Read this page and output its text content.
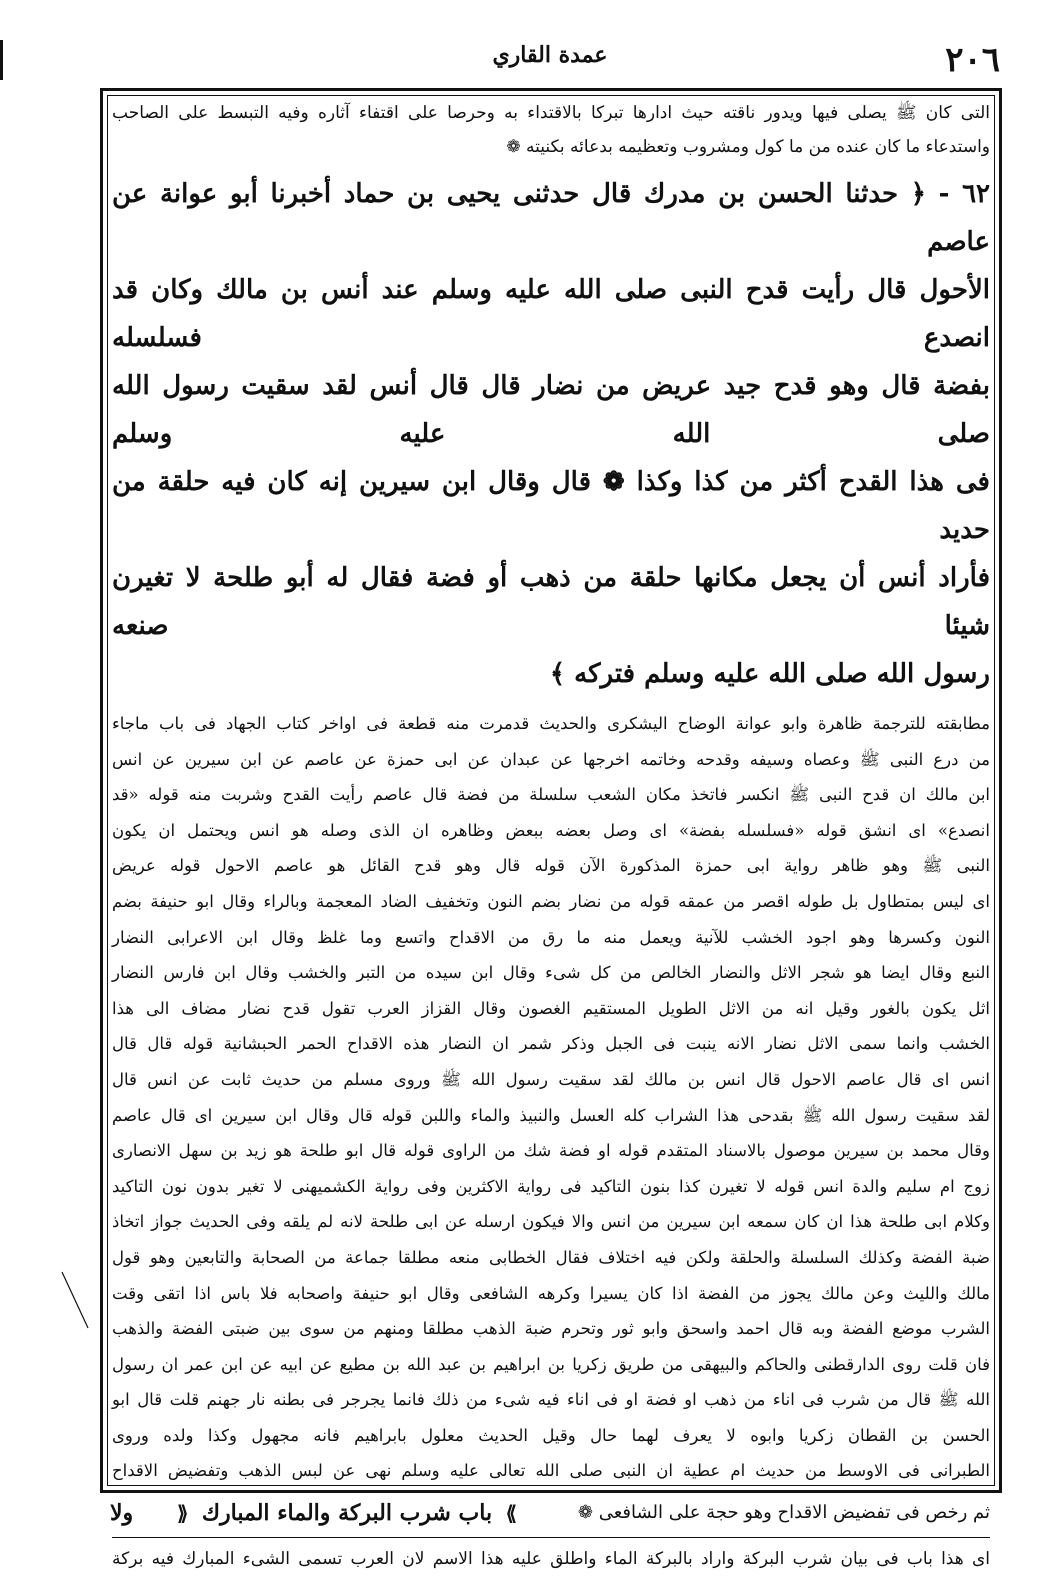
٢٠٦
عمدة القاري

التى كان ﷺ يصلى فيها ويدور ناقته حيث ادارها تبركا بالاقتداء به وحرصا على اقتفاء آثاره وفيه التبسط على الصاحب

واستدعاء ما كان عنده من ما كول ومشروب وتعظيمه بدعائه بكنيته ❁

٦٢ - ﴿ حدثنا الحسن بن مدرك قال حدثنى يحيى بن حماد أخبرنا أبو عوانة عن عاصم

الأحول قال رأيت قدح النبى صلى الله عليه وسلم عند أنس بن مالك وكان قد انصدع فسلسله

بفضة قال وهو قدح جيد عريض من نضار قال قال أنس لقد سقيت رسول الله صلى الله عليه وسلم

فى هذا القدح أكثر من كذا وكذا ❁ قال وقال ابن سيرين إنه كان فيه حلقة من حديد

فأراد أنس أن يجعل مكانها حلقة من ذهب أو فضة فقال له أبو طلحة لا تغيرن شيئا صنعه

رسول الله صلى الله عليه وسلم فتركه ﴾

مطابقته للترجمة ظاهرة وابو عوانة الوضاح اليشكرى والحديث قدمرت منه قطعة فى اواخر كتاب الجهاد فى باب ماجاء

من درع النبى ﷺ وعصاه وسيفه وقدحه وخاتمه اخرجها عن عبدان عن ابى حمزة عن عاصم عن ابن سيرين عن انس

ابن مالك ان قدح النبى ﷺ انكسر فاتخذ مكان الشعب سلسلة من فضة قال عاصم رأيت القدح وشربت منه قوله «قد

انصدع» اى انشق قوله «فسلسله بفضة» اى وصل بعضه ببعض وظاهره ان الذى وصله هو انس ويحتمل ان يكون

النبى ﷺ وهو ظاهر رواية ابى حمزة المذكورة الآن قوله قال وهو قدح القائل هو عاصم الاحول قوله عريض

اى ليس بمتطاول بل طوله اقصر من عمقه قوله من نضار بضم النون وتخفيف الضاد المعجمة وبالراء وقال ابو حنيفة بضم

النون وكسرها وهو اجود الخشب للآنية ويعمل منه ما رق من الاقداح واتسع وما غلظ وقال ابن الاعرابى النضار

النبع وقال ايضا هو شجر الاثل والنضار الخالص من كل شىء وقال ابن سيده من التبر والخشب وقال ابن فارس النضار

اثل يكون بالغور وقيل انه من الاثل الطويل المستقيم الغصون وقال القزاز العرب تقول قدح نضار مضاف الى هذا

الخشب وانما سمى الاثل نضار الانه ينبت فى الجبل وذكر شمر ان النضار هذه الاقداح الحمر الحبشانية قوله قال قال

انس اى قال عاصم الاحول قال انس بن مالك لقد سقيت رسول الله ﷺ وروى مسلم من حديث ثابت عن انس قال

لقد سقيت رسول الله ﷺ بقدحى هذا الشراب كله العسل والنبيذ والماء واللبن قوله قال وقال ابن سيرين اى قال عاصم

وقال محمد بن سيرين موصول بالاسناد المتقدم قوله او فضة شك من الراوى قوله قال ابو طلحة هو زيد بن سهل الانصارى

زوج ام سليم والدة انس قوله لا تغيرن كذا بنون التاكيد فى رواية الاكثرين وفى رواية الكشميهنى لا تغير بدون نون التاكيد

وكلام ابى طلحة هذا ان كان سمعه ابن سيرين من انس والا فيكون ارسله عن ابى طلحة لانه لم يلقه وفى الحديث جواز اتخاذ

ضبة الفضة وكذلك السلسلة والحلقة ولكن فيه اختلاف فقال الخطابى منعه مطلقا جماعة من الصحابة والتابعين وهو قول

مالك والليث وعن مالك يجوز من الفضة اذا كان يسيرا وكرهه الشافعى وقال ابو حنيفة واصحابه فلا باس اذا اتقى وقت

الشرب موضع الفضة وبه قال احمد واسحق وابو ثور وتحرم ضبة الذهب مطلقا ومنهم من سوى بين ضبتى الفضة والذهب

فان قلت روى الدارقطنى والحاكم والبيهقى من طريق زكريا بن ابراهيم بن عبد الله بن مطيع عن ابيه عن ابن عمر ان رسول

الله ﷺ قال من شرب فى اناء من ذهب او فضة او فى اناء فيه شىء من ذلك فانما يجرجر فى بطنه نار جهنم قلت قال ابو

الحسن بن القطان زكريا وابوه لا يعرف لهما حال وقيل الحديث معلول بابراهيم فانه مجهول وكذا ولده وروى

الطبرانى فى الاوسط من حديث ام عطية ان النبى صلى الله تعالى عليه وسلم نهى عن لبس الذهب وتفضيض الاقداح

ثم رخص فى تفضيض الاقداح وهو حجة على الشافعى ❁
⟫ باب شرب البركة والماء المبارك ⟪

اى هذا باب فى بيان شرب البركة واراد بالبركة الماء واطلق عليه هذا الاسم لان العرب تسمى الشىء المبارك فيه بركة

ولا
